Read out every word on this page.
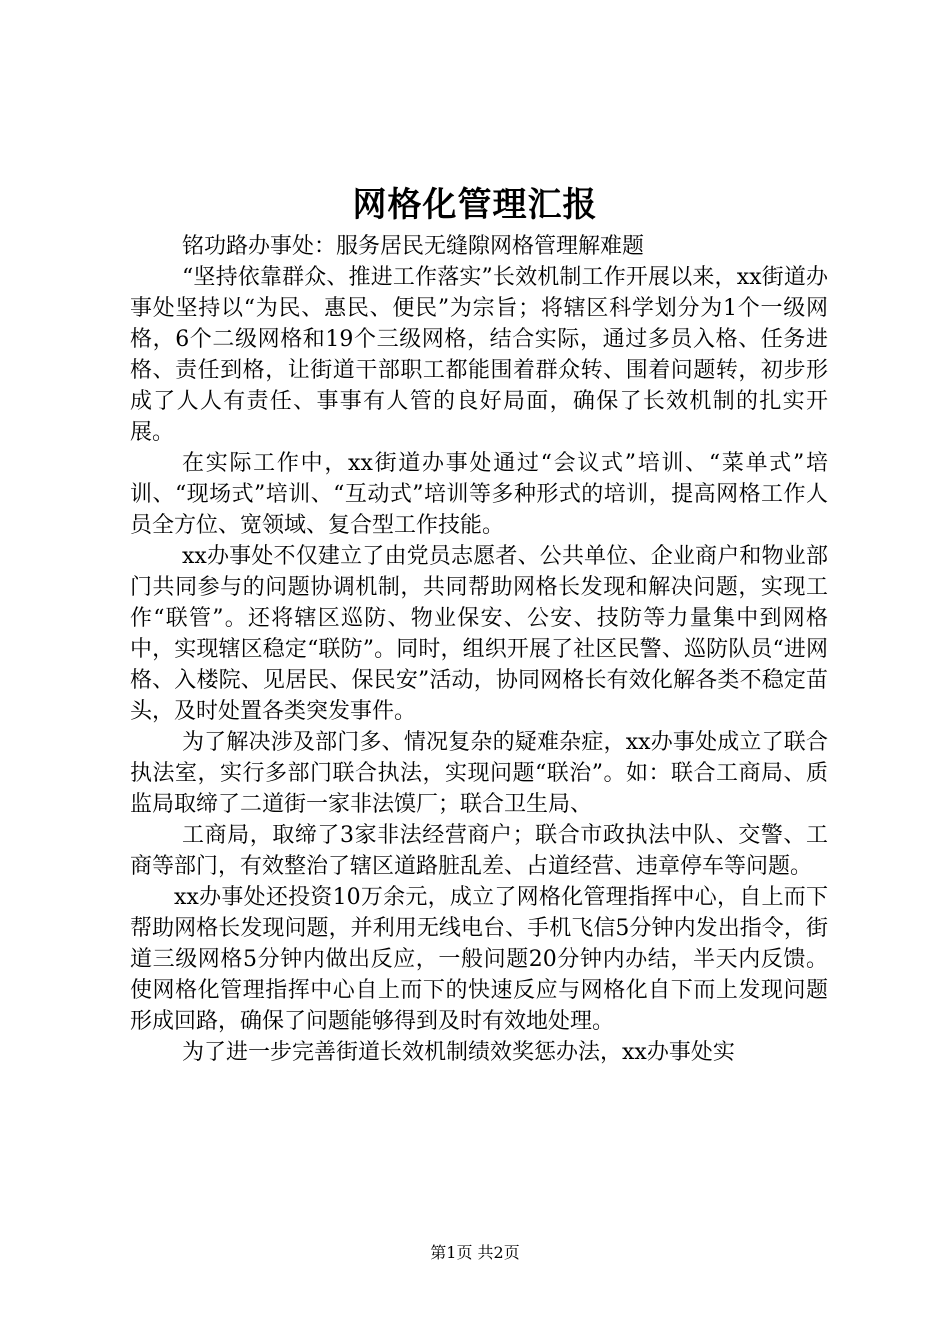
网格化管理汇报

铭功路办事处：服务居民无缝隙网格管理解难题

“坚持依靠群众、推进工作落实”长效机制工作开展以来，xx街道办事处坚持以“为民、惠民、便民”为宗旨；将辖区科学划分为1个一级网格，6个二级网格和19个三级网格，结合实际，通过多员入格、任务进格、责任到格，让街道干部职工都能围着群众转、围着问题转，初步形成了人人有责任、事事有人管的良好局面，确保了长效机制的扎实开展。

在实际工作中，xx街道办事处通过“会议式”培训、“菜单式”培训、“现场式”培训、“互动式”培训等多种形式的培训，提高网格工作人员全方位、宽领域、复合型工作技能。

xx办事处不仅建立了由党员志愿者、公共单位、企业商户和物业部门共同参与的问题协调机制，共同帮助网格长发现和解决问题，实现工作“联管”。还将辖区巡防、物业保安、公安、技防等力量集中到网格中，实现辖区稳定“联防”。同时，组织开展了社区民警、巡防队员“进网格、入楼院、见居民、保民安”活动，协同网格长有效化解各类不稳定苗头，及时处置各类突发事件。

为了解决涉及部门多、情况复杂的疑难杂症，xx办事处成立了联合执法室，实行多部门联合执法，实现问题“联治”。如：联合工商局、质监局取缔了二道街一家非法馍厂；联合卫生局、

工商局，取缔了3家非法经营商户；联合市政执法中队、交警、工商等部门，有效整治了辖区道路脏乱差、占道经营、违章停车等问题。

xx办事处还投资10万余元，成立了网格化管理指挥中心，自上而下帮助网格长发现问题，并利用无线电台、手机飞信5分钟内发出指令，街道三级网格5分钟内做出反应，一般问题20分钟内办结，半天内反馈。使网格化管理指挥中心自上而下的快速反应与网格化自下而上发现问题形成回路，确保了问题能够得到及时有效地处理。

为了进一步完善街道长效机制绩效奖惩办法，xx办事处实

第1页 共2页
